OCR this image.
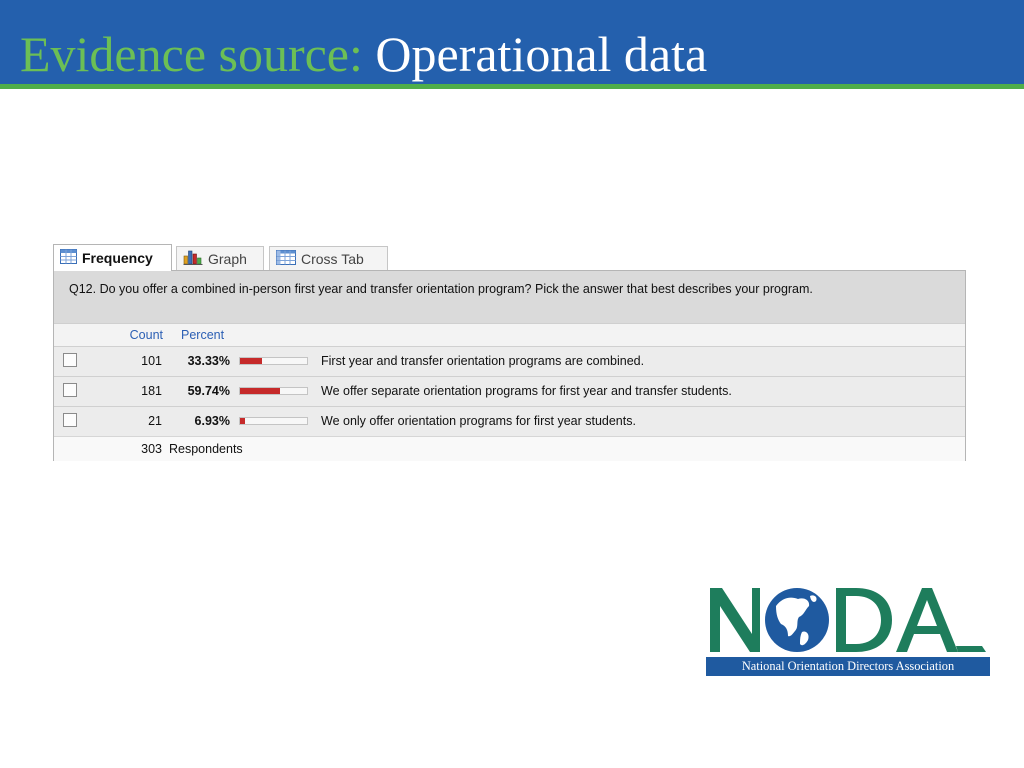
Evidence source: Operational data
Frequency	Graph	Cross Tab
Q12. Do you offer a combined in-person first year and transfer orientation program? Pick the answer that best describes your program.
Count Percent
101	33.33%	First year and transfer orientation programs are combined.
181	59.74%	We offer separate orientation programs for first year and transfer students.
21	6.93%	We only offer orientation programs for first year students.
303 Respondents
National Orientation Directors Association
